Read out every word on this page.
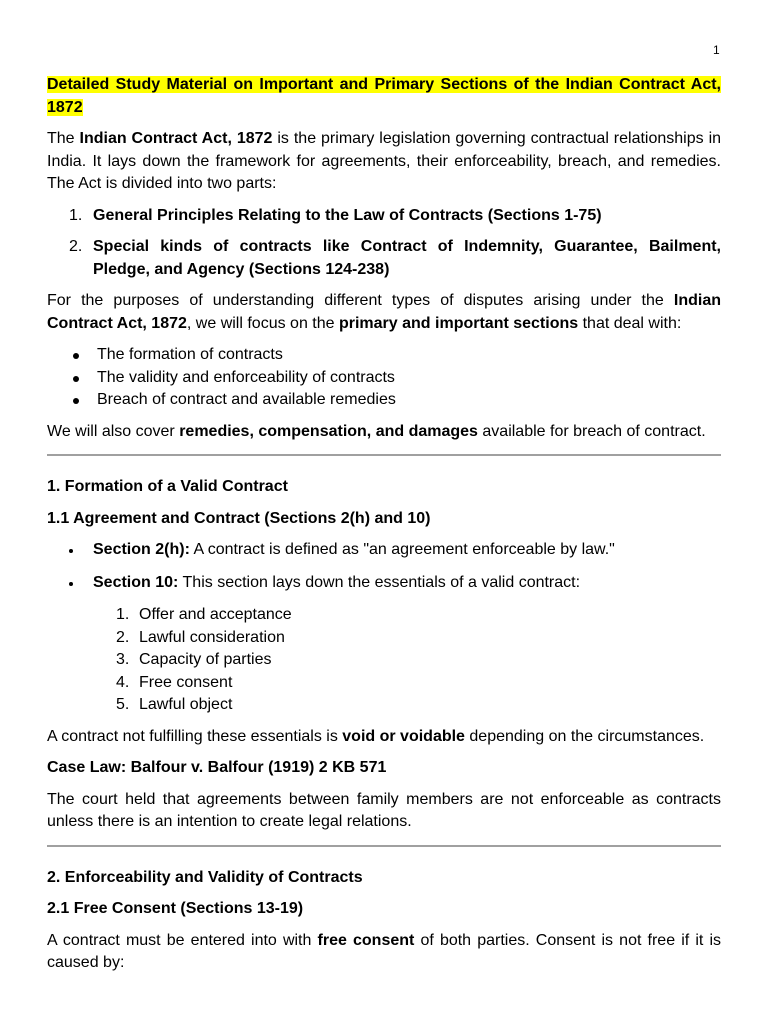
1
Detailed Study Material on Important and Primary Sections of the Indian Contract Act, 1872

The Indian Contract Act, 1872 is the primary legislation governing contractual relationships in India. It lays down the framework for agreements, their enforceability, breach, and remedies. The Act is divided into two parts:

1. General Principles Relating to the Law of Contracts (Sections 1-75)
2. Special kinds of contracts like Contract of Indemnity, Guarantee, Bailment, Pledge, and Agency (Sections 124-238)

For the purposes of understanding different types of disputes arising under the Indian Contract Act, 1872, we will focus on the primary and important sections that deal with:

The formation of contracts
The validity and enforceability of contracts
Breach of contract and available remedies

We will also cover remedies, compensation, and damages available for breach of contract.

1. Formation of a Valid Contract

1.1 Agreement and Contract (Sections 2(h) and 10)

Section 2(h): A contract is defined as "an agreement enforceable by law."
Section 10: This section lays down the essentials of a valid contract:
1. Offer and acceptance
2. Lawful consideration
3. Capacity of parties
4. Free consent
5. Lawful object

A contract not fulfilling these essentials is void or voidable depending on the circumstances.

Case Law: Balfour v. Balfour (1919) 2 KB 571

The court held that agreements between family members are not enforceable as contracts unless there is an intention to create legal relations.

2. Enforceability and Validity of Contracts

2.1 Free Consent (Sections 13-19)

A contract must be entered into with free consent of both parties. Consent is not free if it is caused by:
